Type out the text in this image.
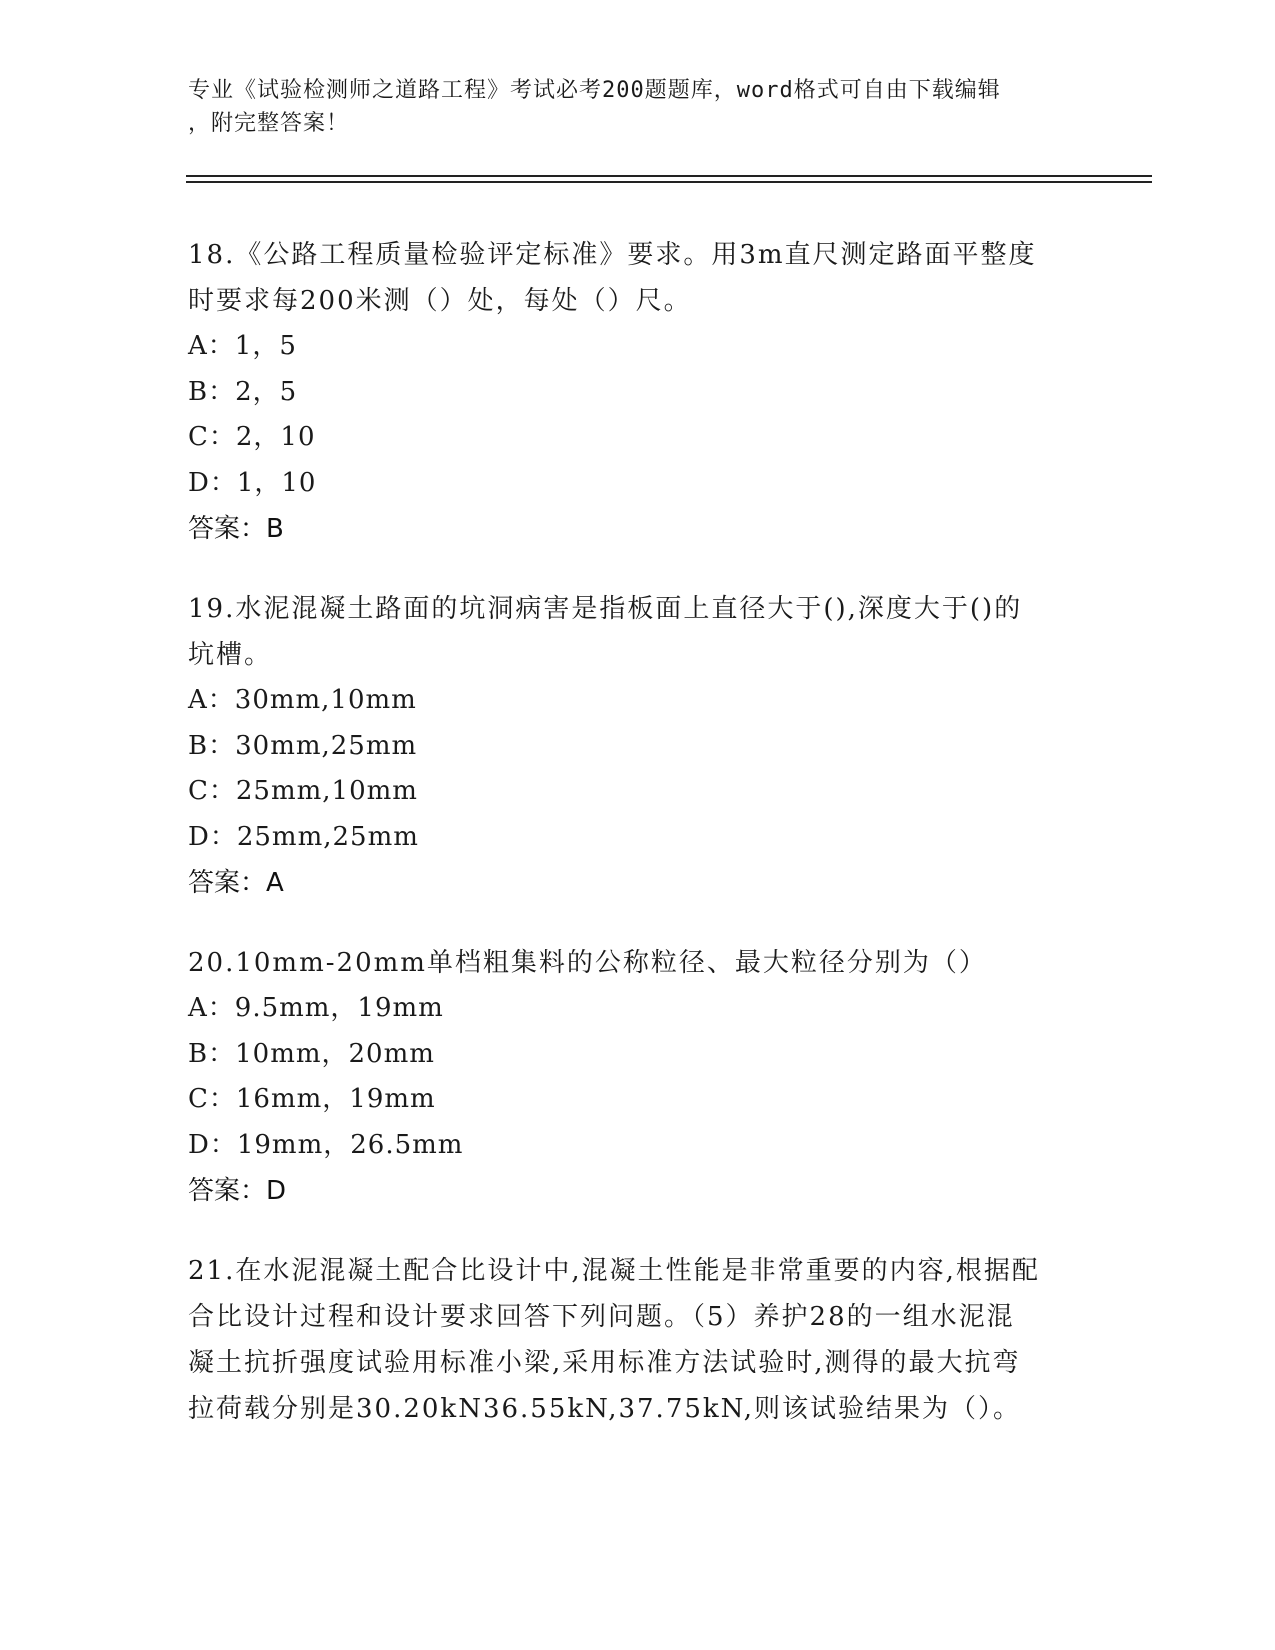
专业《试验检测师之道路工程》考试必考200题题库，word格式可自由下载编辑
，附完整答案！
18.《公路工程质量检验评定标准》要求。用3m直尺测定路面平整度
时要求每200米测（）处，每处（）尺。
A：1，5
B：2，5
C：2，10
D：1，10
答案：B
19.水泥混凝土路面的坑洞病害是指板面上直径大于(),深度大于()的
坑槽。
A：30mm,10mm
B：30mm,25mm
C：25mm,10mm
D：25mm,25mm
答案：A
20.10mm-20mm单档粗集料的公称粒径、最大粒径分别为（）
A：9.5mm，19mm
B：10mm，20mm
C：16mm，19mm
D：19mm，26.5mm
答案：D
21.在水泥混凝土配合比设计中,混凝土性能是非常重要的内容,根据配
合比设计过程和设计要求回答下列问题。（5）养护28的一组水泥混
凝土抗折强度试验用标准小梁,采用标准方法试验时,测得的最大抗弯
拉荷载分别是30.20kN36.55kN,37.75kN,则该试验结果为（）。
